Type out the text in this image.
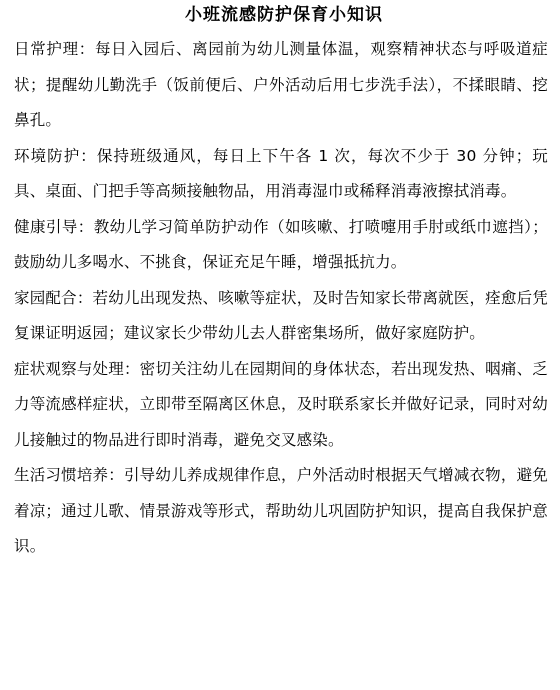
小班流感防护保育小知识

日常护理：每日入园后、离园前为幼儿测量体温，观察精神状态与呼吸道症状；提醒幼儿勤洗手（饭前便后、户外活动后用七步洗手法），不揉眼睛、挖鼻孔。

环境防护：保持班级通风，每日上下午各 1 次，每次不少于 30 分钟；玩具、桌面、门把手等高频接触物品，用消毒湿巾或稀释消毒液擦拭消毒。

健康引导：教幼儿学习简单防护动作（如咳嗽、打喷嚏用手肘或纸巾遮挡）；鼓励幼儿多喝水、不挑食，保证充足午睡，增强抵抗力。

家园配合：若幼儿出现发热、咳嗽等症状，及时告知家长带离就医，痊愈后凭复课证明返园；建议家长少带幼儿去人群密集场所，做好家庭防护。

症状观察与处理：密切关注幼儿在园期间的身体状态，若出现发热、咽痛、乏力等流感样症状，立即带至隔离区休息，及时联系家长并做好记录，同时对幼儿接触过的物品进行即时消毒，避免交叉感染。

生活习惯培养：引导幼儿养成规律作息，户外活动时根据天气增减衣物，避免着凉；通过儿歌、情景游戏等形式，帮助幼儿巩固防护知识，提高自我保护意识。
